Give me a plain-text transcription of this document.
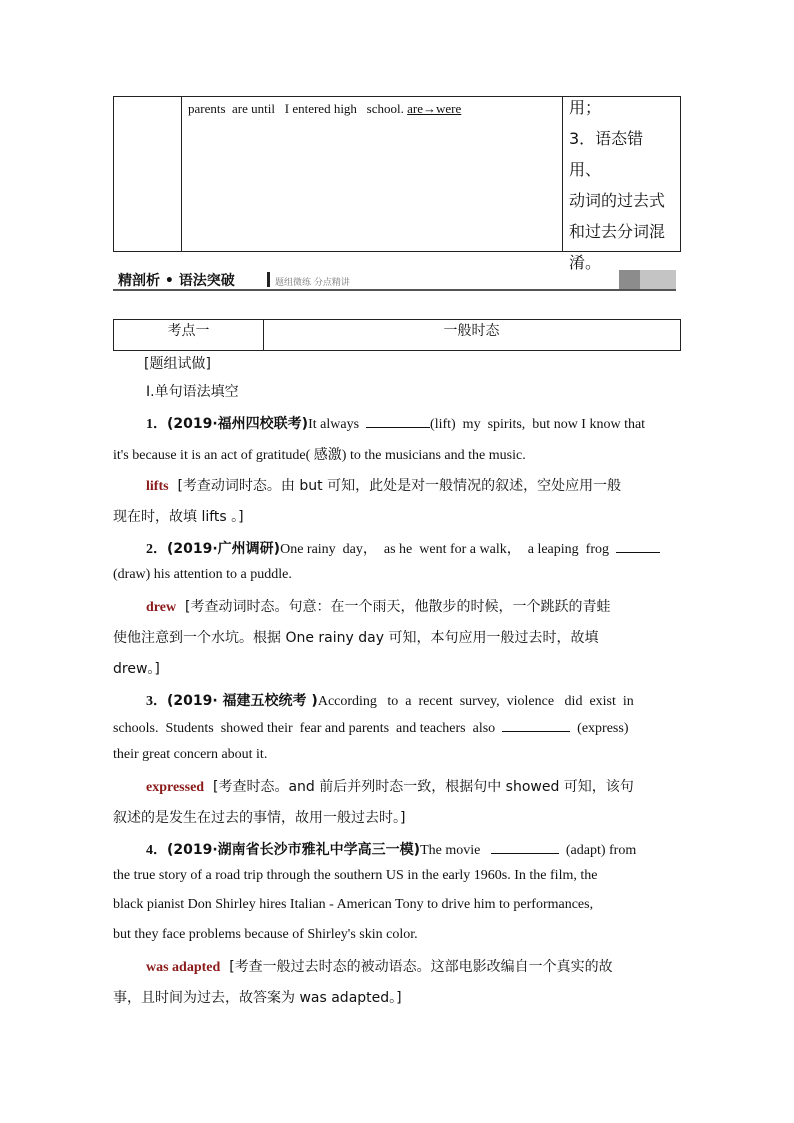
parents  are until   I entered high   school. are→were	用；
3．语态错用、
动词的过去式
和过去分词混
淆。
精剖析 • 语法突破	题组微练 分点精讲
考点一	一般时态
[题组试做]
Ⅰ.单句语法填空
1．(2019·福州四校联考)It always	(lift)  my  spirits,  but now I know that
it's because it is an act of gratitude( 感激) to the musicians and the music.
lifts  [考查动词时态。由 but 可知，此处是对一般情况的叙述，空处应用一般
现在时，故填 lifts 。]
2．(2019·广州调研)One rainy  day，  as he  went for a walk，  a leaping  frog
(draw) his attention to a puddle.
drew  [考查动词时态。句意：在一个雨天，他散步的时候，一个跳跃的青蛙
使他注意到一个水坑。根据 One rainy day 可知，本句应用一般过去时，故填
drew。]
3．(2019· 福建五校统考 )According   to  a  recent  survey,  violence   did  exist  in
schools.  Students  showed their  fear and parents  and teachers  also	(express)
their great concern about it.
expressed  [考查时态。and 前后并列时态一致，根据句中 showed 可知，该句
叙述的是发生在过去的事情，故用一般过去时。]
4．(2019·湖南省长沙市雅礼中学高三一模)The movie	(adapt) from
the true story of a road trip through the southern US in the early 1960s. In the film, the
black pianist Don Shirley hires Italian - American Tony to drive him to performances,
but they face problems because of Shirley's skin color.
was adapted  [考查一般过去时态的被动语态。这部电影改编自一个真实的故
事，且时间为过去，故答案为 was adapted。]
